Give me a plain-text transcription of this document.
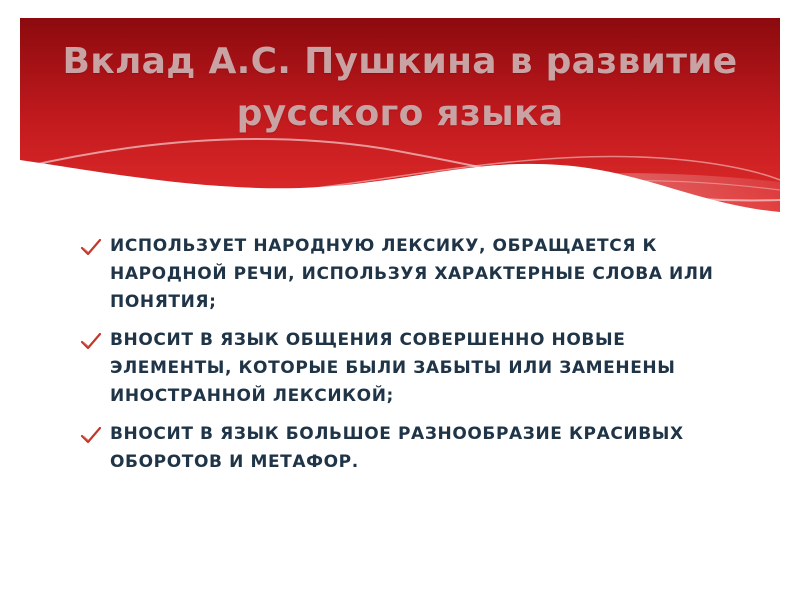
Вклад А.С. Пушкина в развитие русского языка
ИСПОЛЬЗУЕТ НАРОДНУЮ ЛЕКСИКУ, ОБРАЩАЕТСЯ К НАРОДНОЙ РЕЧИ, ИСПОЛЬЗУЯ ХАРАКТЕРНЫЕ СЛОВА ИЛИ ПОНЯТИЯ;
ВНОСИТ В ЯЗЫК ОБЩЕНИЯ СОВЕРШЕННО НОВЫЕ ЭЛЕМЕНТЫ, КОТОРЫЕ БЫЛИ ЗАБЫТЫ ИЛИ ЗАМЕНЕНЫ ИНОСТРАННОЙ ЛЕКСИКОЙ;
ВНОСИТ В ЯЗЫК БОЛЬШОЕ РАЗНООБРАЗИЕ КРАСИВЫХ ОБОРОТОВ И МЕТАФОР.
